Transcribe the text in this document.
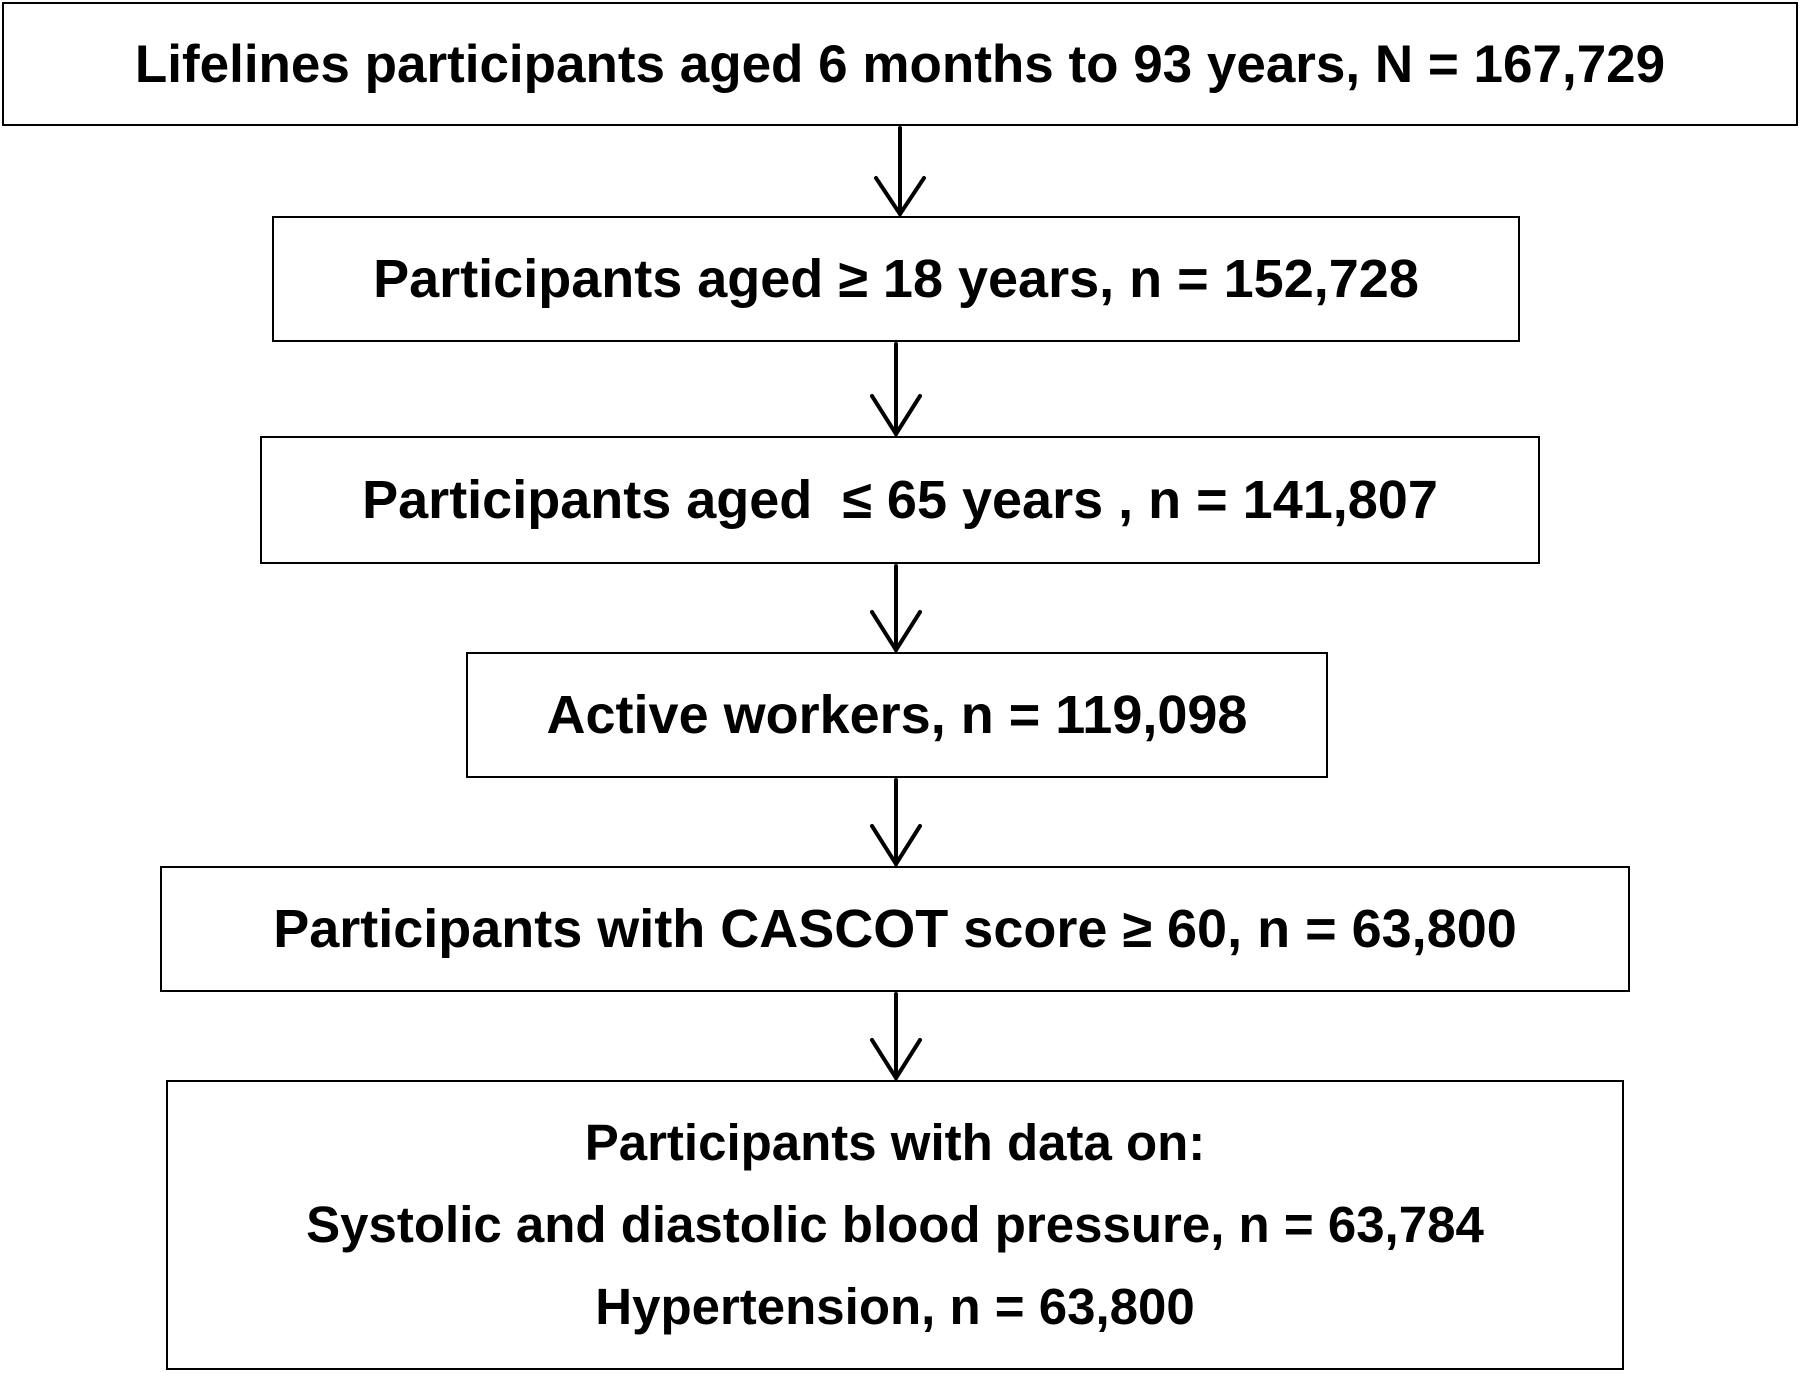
Lifelines participants aged 6 months to 93 years, N = 167,729
Participants aged ≥ 18 years, n = 152,728
Participants aged  ≤ 65 years , n = 141,807
Active workers, n = 119,098
Participants with CASCOT score ≥ 60, n = 63,800
Participants with data on:
Systolic and diastolic blood pressure, n = 63,784
Hypertension, n = 63,800
